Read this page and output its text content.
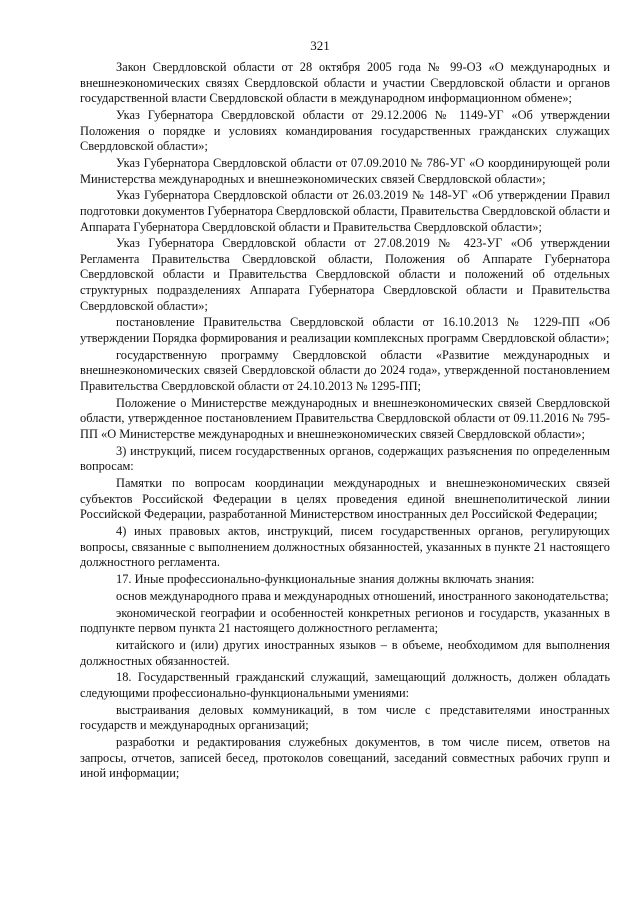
321

Закон Свердловской области от 28 октября 2005 года № 99-ОЗ «О международных и внешнеэкономических связях Свердловской области и участии Свердловской области и органов государственной власти Свердловской области в международном информационном обмене»;

Указ Губернатора Свердловской области от 29.12.2006 № 1149-УГ «Об утверждении Положения о порядке и условиях командирования государственных гражданских служащих Свердловской области»;

Указ Губернатора Свердловской области от 07.09.2010 № 786-УГ «О координирующей роли Министерства международных и внешнеэкономических связей Свердловской области»;

Указ Губернатора Свердловской области от 26.03.2019 № 148-УГ «Об утверждении Правил подготовки документов Губернатора Свердловской области, Правительства Свердловской области и Аппарата Губернатора Свердловской области и Правительства Свердловской области»;

Указ Губернатора Свердловской области от 27.08.2019 № 423-УГ «Об утверждении Регламента Правительства Свердловской области, Положения об Аппарате Губернатора Свердловской области и Правительства Свердловской области и положений об отдельных структурных подразделениях Аппарата Губернатора Свердловской области и Правительства Свердловской области»;

постановление Правительства Свердловской области от 16.10.2013 № 1229-ПП «Об утверждении Порядка формирования и реализации комплексных программ Свердловской области»;

государственную программу Свердловской области «Развитие международных и внешнеэкономических связей Свердловской области до 2024 года», утвержденной постановлением Правительства Свердловской области от 24.10.2013 № 1295-ПП;

Положение о Министерстве международных и внешнеэкономических связей Свердловской области, утвержденное постановлением Правительства Свердловской области от 09.11.2016 № 795-ПП «О Министерстве международных и внешнеэкономических связей Свердловской области»;

3) инструкций, писем государственных органов, содержащих разъяснения по определенным вопросам:

Памятки по вопросам координации международных и внешнеэкономических связей субъектов Российской Федерации в целях проведения единой внешнеполитической линии Российской Федерации, разработанной Министерством иностранных дел Российской Федерации;

4) иных правовых актов, инструкций, писем государственных органов, регулирующих вопросы, связанные с выполнением должностных обязанностей, указанных в пункте 21 настоящего должностного регламента.

17. Иные профессионально-функциональные знания должны включать знания:

основ международного права и международных отношений, иностранного законодательства;

экономической географии и особенностей конкретных регионов и государств, указанных в подпункте первом пункта 21 настоящего должностного регламента;

китайского и (или) других иностранных языков – в объеме, необходимом для выполнения должностных обязанностей.

18. Государственный гражданский служащий, замещающий должность, должен обладать следующими профессионально-функциональными умениями:

выстраивания деловых коммуникаций, в том числе с представителями иностранных государств и международных организаций;

разработки и редактирования служебных документов, в том числе писем, ответов на запросы, отчетов, записей бесед, протоколов совещаний, заседаний совместных рабочих групп и иной информации;
